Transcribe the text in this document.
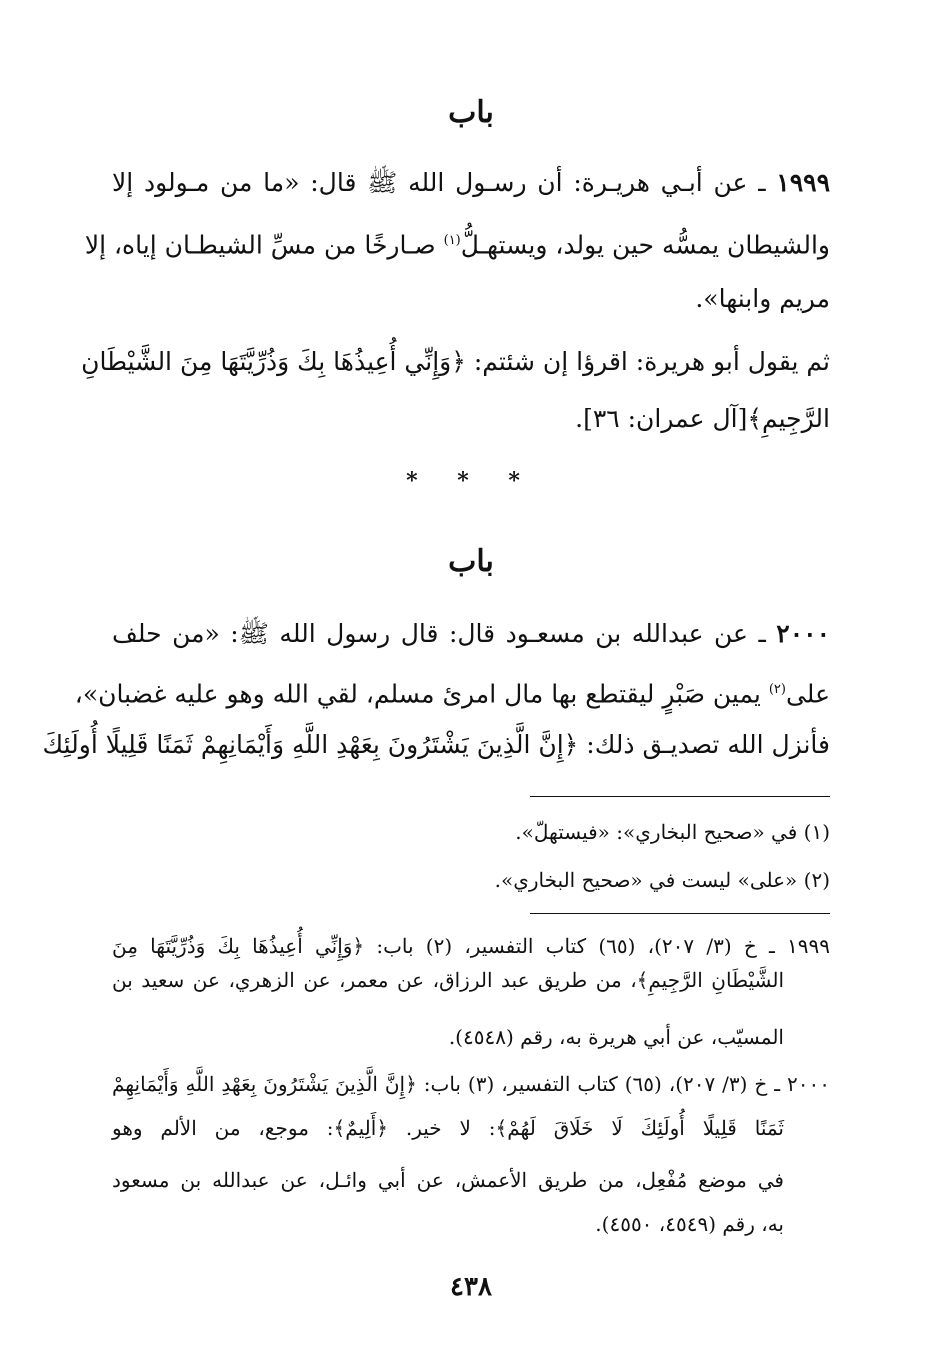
باب
١٩٩٩ ـ عن أبـي هريـرة: أن رسـول الله ﷺ قال: «ما من مـولود إلا
والشيطان يمسُّه حين يولد، ويستهـلُّ$^{(١)}$ صـارخًا من مسِّ الشيطـان إياه، إلا
مريم وابنها».
ثم يقول أبو هريرة: اقرؤا إن شئتم: ﴿وَإِنِّي أُعِيذُهَا بِكَ وَذُرِّيَّتَهَا مِنَ الشَّيْطَانِ
الرَّجِيمِ﴾[آل عمران: ٣٦].
* * *
باب
٢٠٠٠ ـ عن عبدالله بن مسعـود قال: قال رسول الله ﷺ: «من حلف
على$^{(٢)}$ يمين صَبْرٍ ليقتطع بها مال امرئ مسلم، لقي الله وهو عليه غضبان»،
فأنزل الله تصديـق ذلك: ﴿إِنَّ الَّذِينَ يَشْتَرُونَ بِعَهْدِ اللَّهِ وَأَيْمَانِهِمْ ثَمَنًا قَلِيلًا أُولَئِكَ
(١) في «صحيح البخاري»: «فيستهلّ».
(٢) «على» ليست في «صحيح البخاري».
١٩٩٩ ـ خ (٣/ ٢٠٧)، (٦٥) كتاب التفسير، (٢) باب: ﴿وَإِنِّي أُعِيذُهَا بِكَ وَذُرِّيَّتَهَا مِنَ
الشَّيْطَانِ الرَّجِيمِ﴾، من طريق عبد الرزاق، عن معمر، عن الزهري، عن سعيد بن
المسيّب، عن أبي هريرة به، رقم (٤٥٤٨).
٢٠٠٠ ـ خ (٣/ ٢٠٧)، (٦٥) كتاب التفسير، (٣) باب: ﴿إِنَّ الَّذِينَ يَشْتَرُونَ بِعَهْدِ اللَّهِ وَأَيْمَانِهِمْ
ثَمَنًا قَلِيلًا أُولَئِكَ لَا خَلَاقَ لَهُمْ﴾: لا خير. ﴿أَلِيمٌ﴾: موجع، من الألم وهو
في موضع مُفْعِل، من طريق الأعمش، عن أبي وائـل، عن عبدالله بن مسعود
به، رقم (٤٥٤٩، ٤٥٥٠).
٤٣٨
